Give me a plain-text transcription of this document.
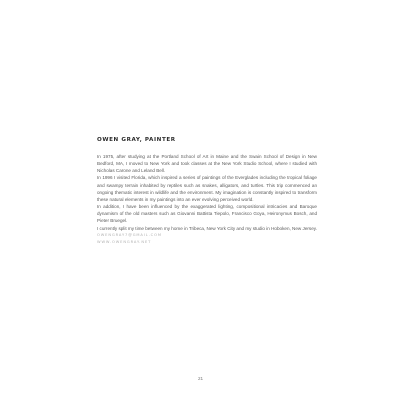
OWEN GRAY, PAINTER

In 1975, after studying at the Portland School of Art in Maine and the Swain School of Design in New Bedford, MA, I moved to New York and took classes at the New York Studio School, where I studied with Nicholas Carone and Leland Bell.

In 1996 I visited Florida, which inspired a series of paintings of the Everglades including the tropical foliage and swampy terrain inhabited by reptiles such as snakes, alligators, and turtles. This trip commenced an ongoing thematic interest in wildlife and the environment. My imagination is constantly inspired to transform these natural elements in my paintings into an ever evolving perceived world.

In addition, I have been influenced by the exaggerated lighting, compositional intricacies and Baroque dynamism of the old masters such as Giovanni Battista Tiepolo, Francisco Goya, Heironymus Bosch, and Pieter Bruegel.

I currently split my time between my home in Tribeca, New York City and my studio in Hoboken, New Jersey.

OWENGRAY7@GMAIL.COM

WWW.OWENGRAY.NET

21
